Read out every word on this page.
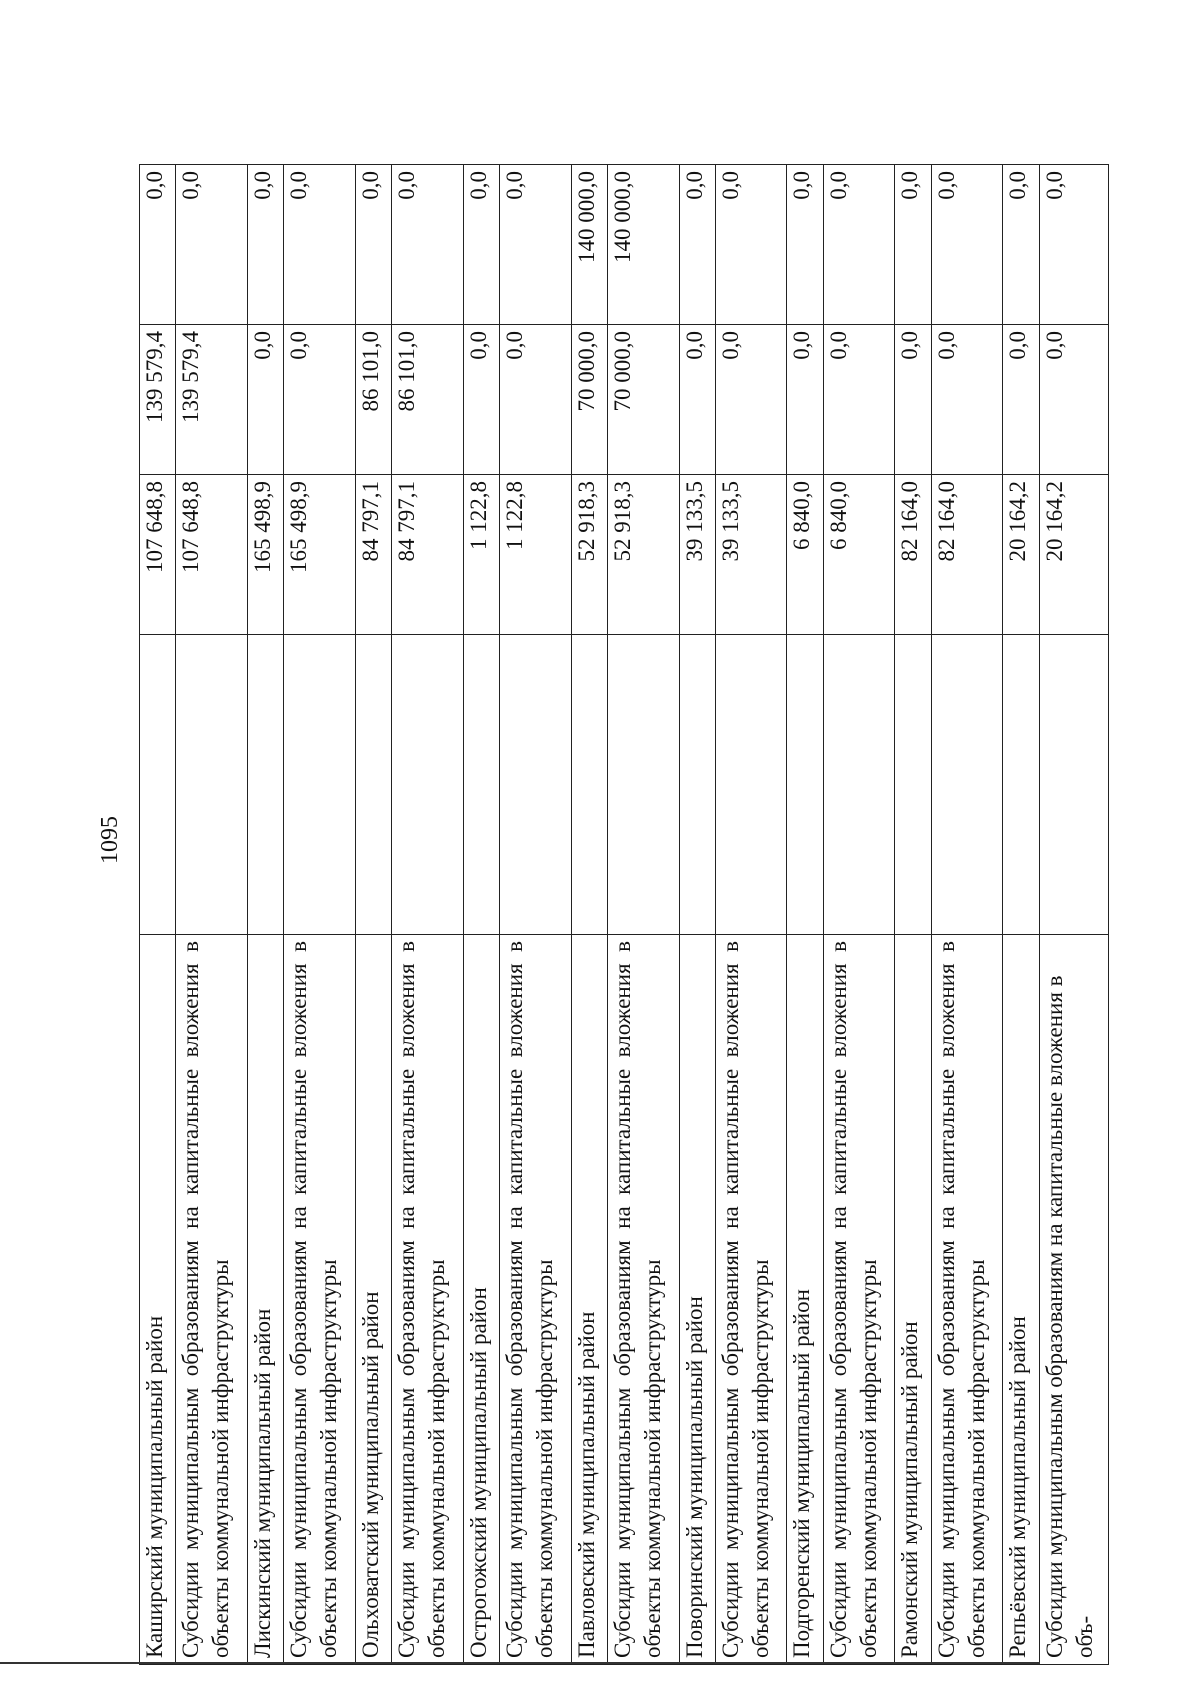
1095
Каширский муниципальный район		107 648,8	139 579,4	0,0
Субсидии муниципальным образованиям на капитальные вложения в объекты коммунальной инфраструктуры		107 648,8	139 579,4	0,0
Лискинский муниципальный район		165 498,9	0,0	0,0
Субсидии муниципальным образованиям на капитальные вложения в объекты коммунальной инфраструктуры		165 498,9	0,0	0,0
Ольховатский муниципальный район		84 797,1	86 101,0	0,0
Субсидии муниципальным образованиям на капитальные вложения в объекты коммунальной инфраструктуры		84 797,1	86 101,0	0,0
Острогожский муниципальный район		1 122,8	0,0	0,0
Субсидии муниципальным образованиям на капитальные вложения в объекты коммунальной инфраструктуры		1 122,8	0,0	0,0
Павловский муниципальный район		52 918,3	70 000,0	140 000,0
Субсидии муниципальным образованиям на капитальные вложения в объекты коммунальной инфраструктуры		52 918,3	70 000,0	140 000,0
Поворинский муниципальный район		39 133,5	0,0	0,0
Субсидии муниципальным образованиям на капитальные вложения в объекты коммунальной инфраструктуры		39 133,5	0,0	0,0
Подгоренский муниципальный район		6 840,0	0,0	0,0
Субсидии муниципальным образованиям на капитальные вложения в объекты коммунальной инфраструктуры		6 840,0	0,0	0,0
Рамонский муниципальный район		82 164,0	0,0	0,0
Субсидии муниципальным образованиям на капитальные вложения в объекты коммунальной инфраструктуры		82 164,0	0,0	0,0
Репьёвский муниципальный район		20 164,2	0,0	0,0
Субсидии муниципальным образованиям на капитальные вложения в объ-		20 164,2	0,0	0,0
